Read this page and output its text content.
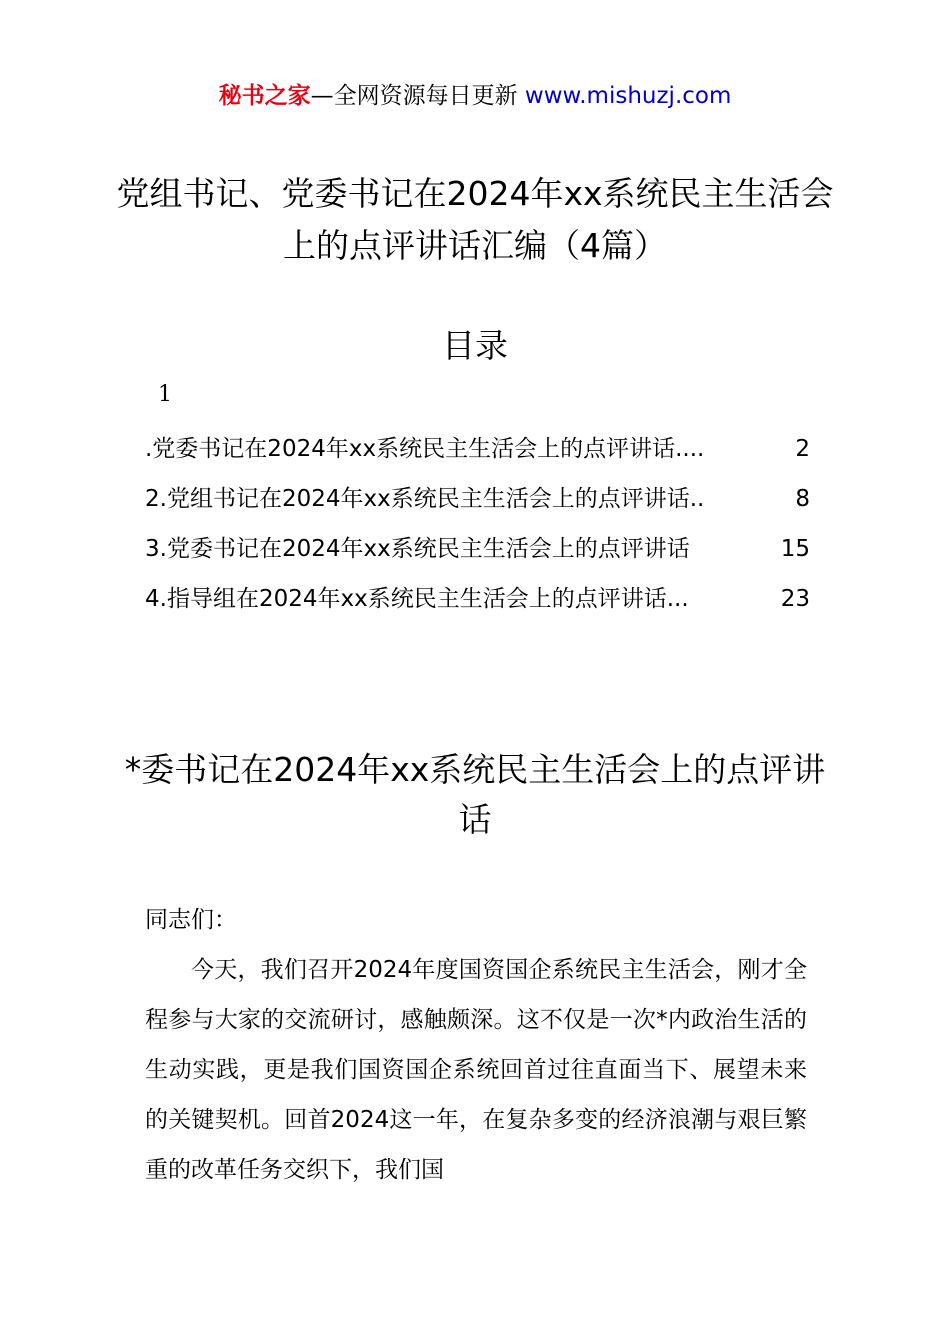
秘书之家—全网资源每日更新 www.mishuzj.com
党组书记、党委书记在2024年xx系统民主生活会上的点评讲话汇编（4篇）
目录
1
.党委书记在2024年xx系统民主生活会上的点评讲话....	2
2.党组书记在2024年xx系统民主生活会上的点评讲话..	8
3.党委书记在2024年xx系统民主生活会上的点评讲话	15
4.指导组在2024年xx系统民主生活会上的点评讲话...	23
*委书记在2024年xx系统民主生活会上的点评讲话

同志们：

今天，我们召开2024年度国资国企系统民主生活会，刚才全程参与大家的交流研讨，感触颇深。这不仅是一次*内政治生活的生动实践，更是我们国资国企系统回首过往直面当下、展望未来的关键契机。回首2024这一年，在复杂多变的经济浪潮与艰巨繁重的改革任务交织下，我们国
